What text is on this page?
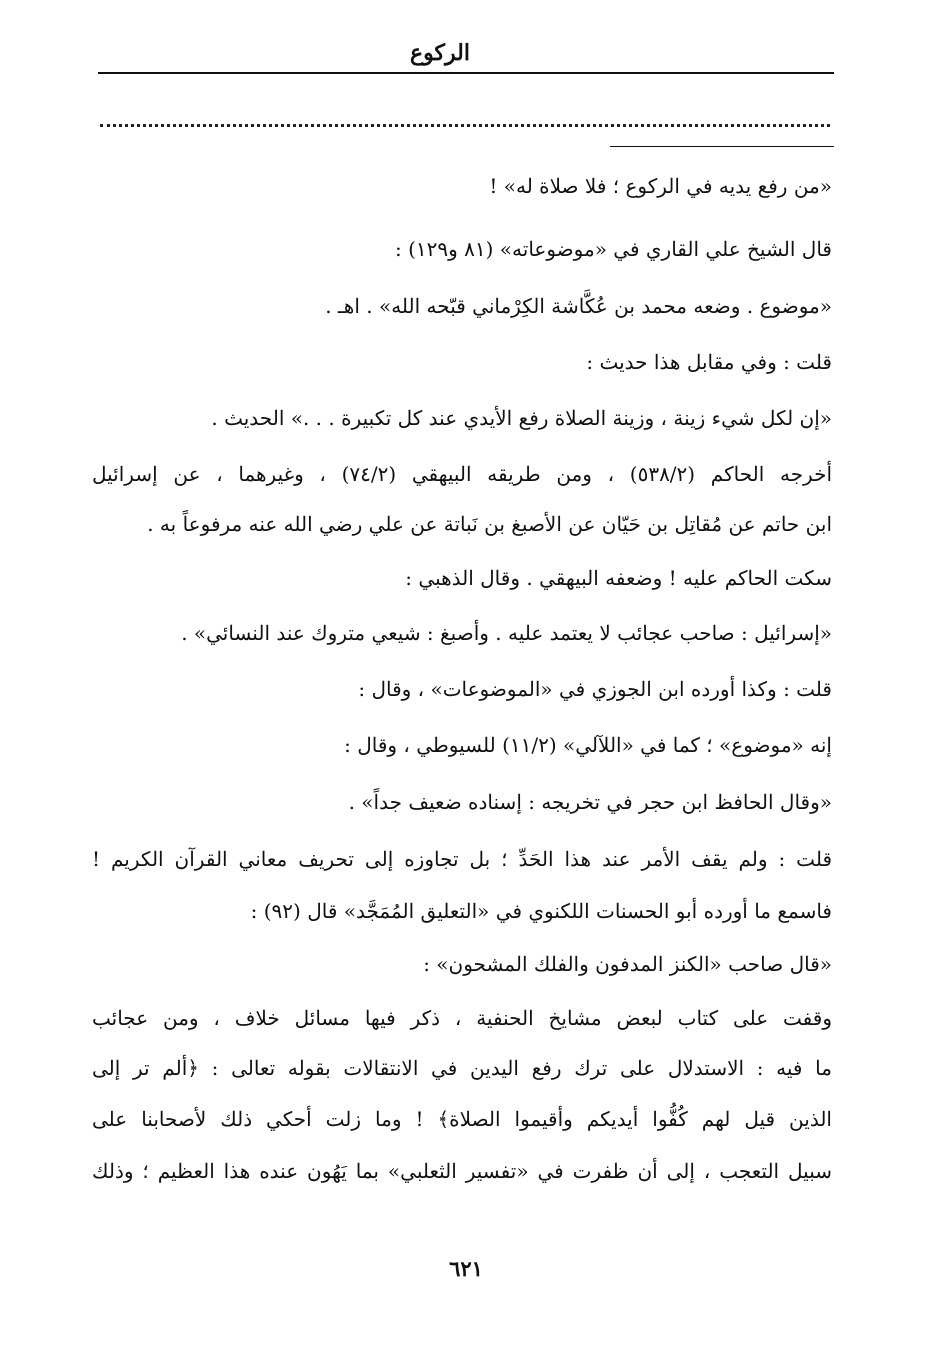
الركوع
«من رفع يديه في الركوع ؛ فلا صلاة له» !
قال الشيخ علي القاري في «موضوعاته» (٨١ و١٢٩) :
«موضوع . وضعه محمد بن عُكَّاشة الكِرْماني قبّحه الله» . اهـ .
قلت : وفي مقابل هذا حديث :
«إن لكل شيء زينة ، وزينة الصلاة رفع الأيدي عند كل تكبيرة . . .» الحديث .
أخرجه الحاكم (٥٣٨/٢) ، ومن طريقه البيهقي (٧٤/٢) ، وغيرهما ، عن إسرائيل
ابن حاتم عن مُقاتِل بن حَيّان عن الأصبغ بن نَباتة عن علي رضي الله عنه مرفوعاً به .
سكت الحاكم عليه ! وضعفه البيهقي . وقال الذهبي :
«إسرائيل : صاحب عجائب لا يعتمد عليه . وأصبغ : شيعي متروك عند النسائي» .
قلت : وكذا أورده ابن الجوزي في «الموضوعات» ، وقال :
إنه «موضوع» ؛ كما في «اللآلي» (١١/٢) للسيوطي ، وقال :
«وقال الحافظ ابن حجر في تخريجه : إسناده ضعيف جداً» .
قلت : ولم يقف الأمر عند هذا الحَدِّ ؛ بل تجاوزه إلى تحريف معاني القرآن الكريم !
فاسمع ما أورده أبو الحسنات اللكنوي في «التعليق المُمَجَّد» قال (٩٢) :
«قال صاحب «الكنز المدفون والفلك المشحون» :
وقفت على كتاب لبعض مشايخ الحنفية ، ذكر فيها مسائل خلاف ، ومن عجائب
ما فيه : الاستدلال على ترك رفع اليدين في الانتقالات بقوله تعالى : ﴿ألم تر إلى
الذين قيل لهم كُفُّوا أيديكم وأقيموا الصلاة﴾ ! وما زلت أحكي ذلك لأصحابنا على
سبيل التعجب ، إلى أن ظفرت في «تفسير الثعلبي» بما يَهُون عنده هذا العظيم ؛ وذلك
٦٢١
